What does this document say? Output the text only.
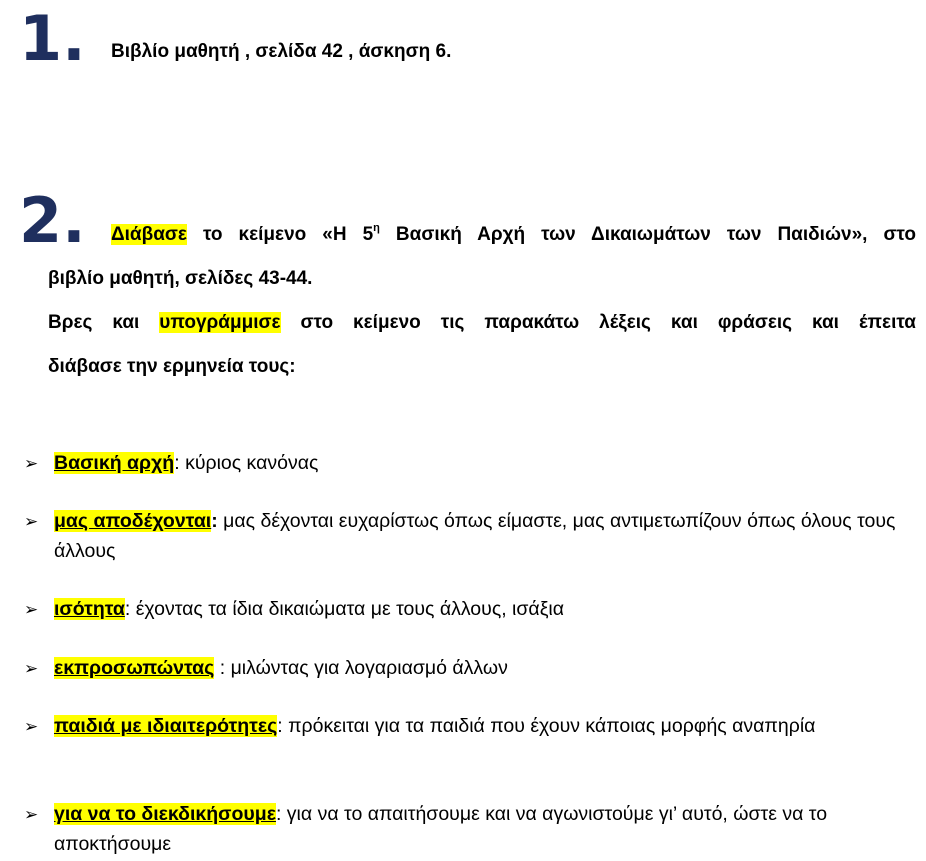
1. Βιβλίο μαθητή , σελίδα 42 , άσκηση 6.
2. Διάβασε το κείμενο «Η $5^\eta$ Βασική Αρχή των Δικαιωμάτων των Παιδιών», στο
βιβλίο μαθητή, σελίδες 43-44.
Βρες και υπογράμμισε στο κείμενο τις παρακάτω λέξεις και φράσεις και έπειτα
διάβασε την ερμηνεία τους:
➢ Βασική αρχή: κύριος κανόνας
➢ μας αποδέχονται: μας δέχονται ευχαρίστως όπως είμαστε, μας αντιμετωπίζουν όπως όλους τους άλλους
➢ ισότητα: έχοντας τα ίδια δικαιώματα με τους άλλους, ισάξια
➢ εκπροσωπώντας : μιλώντας για λογαριασμό άλλων
➢ παιδιά με ιδιαιτερότητες: πρόκειται για τα παιδιά που έχουν κάποιας μορφής αναπηρία
➢ για να το διεκδικήσουμε: για να το απαιτήσουμε και να αγωνιστούμε γι’ αυτό, ώστε να το αποκτήσουμε
